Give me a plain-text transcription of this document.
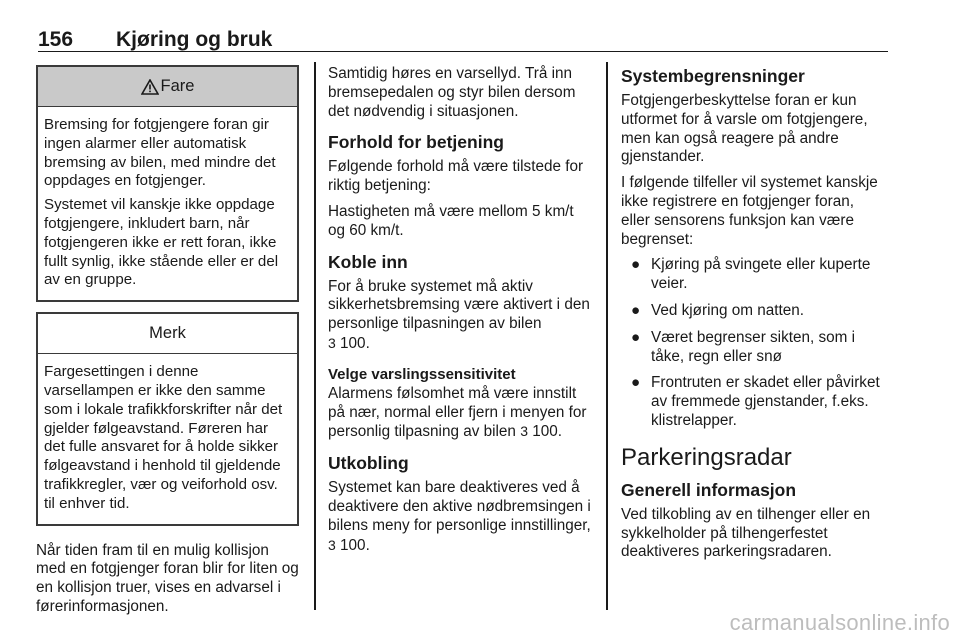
156 Kjøring og bruk
Fare

Bremsing for fotgjengere foran gir ingen alarmer eller automatisk bremsing av bilen, med mindre det oppdages en fotgjenger.

Systemet vil kanskje ikke oppdage fotgjengere, inkludert barn, når fotgjengeren ikke er rett foran, ikke fullt synlig, ikke stående eller er del av en gruppe.

Merk

Fargesettingen i denne varsellampen er ikke den samme som i lokale trafikkforskrifter når det gjelder følgeavstand. Føreren har det fulle ansvaret for å holde sikker følgeavstand i henhold til gjeldende trafikkregler, vær og veiforhold osv. til enhver tid.

Når tiden fram til en mulig kollisjon med en fotgjenger foran blir for liten og en kollisjon truer, vises en advarsel i førerinformasjonen.

Samtidig høres en varsellyd. Trå inn bremsepedalen og styr bilen dersom det nødvendig i situasjonen.

Forhold for betjening

Følgende forhold må være tilstede for riktig betjening:

Hastigheten må være mellom 5 km/t og 60 km/t.

Koble inn

For å bruke systemet må aktiv sikkerhetsbremsing være aktivert i den personlige tilpasningen av bilen
3 100.

Velge varslingssensitivitet

Alarmens følsomhet må være innstilt på nær, normal eller fjern i menyen for personlig tilpasning av bilen 3 100.

Utkobling

Systemet kan bare deaktiveres ved å deaktivere den aktive nødbremsingen i bilens meny for personlige innstillinger, 3 100.

Systembegrensninger

Fotgjengerbeskyttelse foran er kun utformet for å varsle om fotgjengere, men kan også reagere på andre gjenstander.

I følgende tilfeller vil systemet kanskje ikke registrere en fotgjenger foran, eller sensorens funksjon kan være begrenset:

● Kjøring på svingete eller kuperte veier.
● Ved kjøring om natten.
● Været begrenser sikten, som i tåke, regn eller snø
● Frontruten er skadet eller påvirket av fremmede gjenstander, f.eks. klistrelapper.
Parkeringsradar
Generell informasjon

Ved tilkobling av en tilhenger eller en sykkelholder på tilhengerfestet deaktiveres parkeringsradaren.

carmanualsonline.info
